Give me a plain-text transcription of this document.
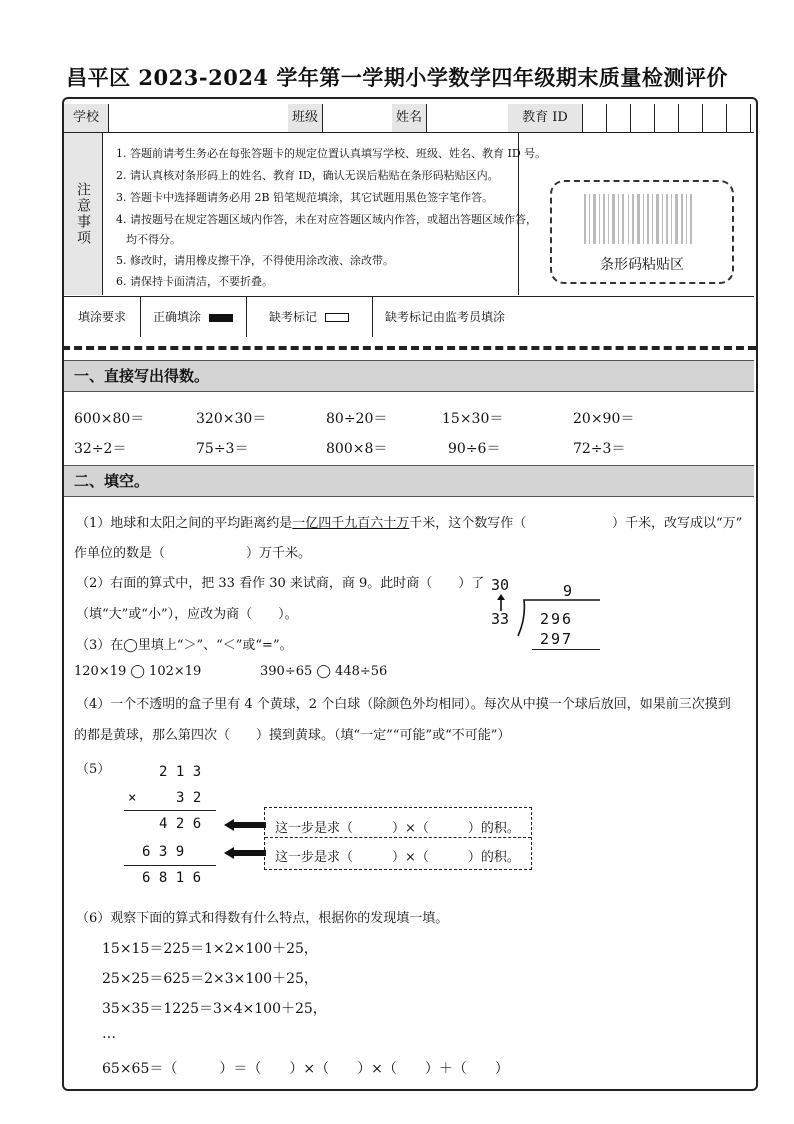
昌平区 2023-2024 学年第一学期小学数学四年级期末质量检测评价
学校	班级	姓名	教育 ID
注意事项
1. 答题前请考生务必在每张答题卡的规定位置认真填写学校、班级、姓名、教育 ID 号。
2. 请认真核对条形码上的姓名、教育 ID，确认无误后粘贴在条形码粘贴区内。
3. 答题卡中选择题请务必用 2B 铅笔规范填涂，其它试题用黑色签字笔作答。
4. 请按题号在规定答题区域内作答，未在对应答题区域内作答，或超出答题区域作答，
均不得分。
5. 修改时，请用橡皮擦干净，不得使用涂改液、涂改带。
6. 请保持卡面清洁，不要折叠。
条形码粘贴区
填涂要求	正确填涂	缺考标记	缺考标记由监考员填涂
一、直接写出得数。
600×80＝	320×30＝	80÷20＝	15×30＝	20×90＝
32÷2＝	75÷3＝	800×8＝	90÷6＝	72÷3＝
二、填空。
（1）地球和太阳之间的平均距离约是一亿四千九百六十万千米，这个数写作（	）千米，改写成以“万”
作单位的数是（	）万千米。
（2）右面的算式中，把 33 看作 30 来试商，商 9。此时商（　　）了
（填“大”或“小”），应改为商（　　）。
30
33
9
296
297
（3）在◯里填上“＞”、“＜”或“=”。
120×19 ◯ 102×19	390÷65 ◯ 448÷56
（4）一个不透明的盒子里有 4 个黄球，2 个白球（除颜色外均相同）。每次从中摸一个球后放回，如果前三次摸到
的都是黄球，那么第四次（　　）摸到黄球。（填“一定”“可能”或“不可能”）
（5）	2 1 3
×	3 2
4 2 6
6 3 9
6 8 1 6
这一步是求（　　　）×（　　　）的积。
这一步是求（　　　）×（　　　）的积。
（6）观察下面的算式和得数有什么特点，根据你的发现填一填。
15×15＝225＝1×2×100＋25，
25×25＝625＝2×3×100＋25，
35×35＝1225＝3×4×100＋25，
…
65×65＝（　　　）＝（　　）×（　　）×（　　）＋（　　）
